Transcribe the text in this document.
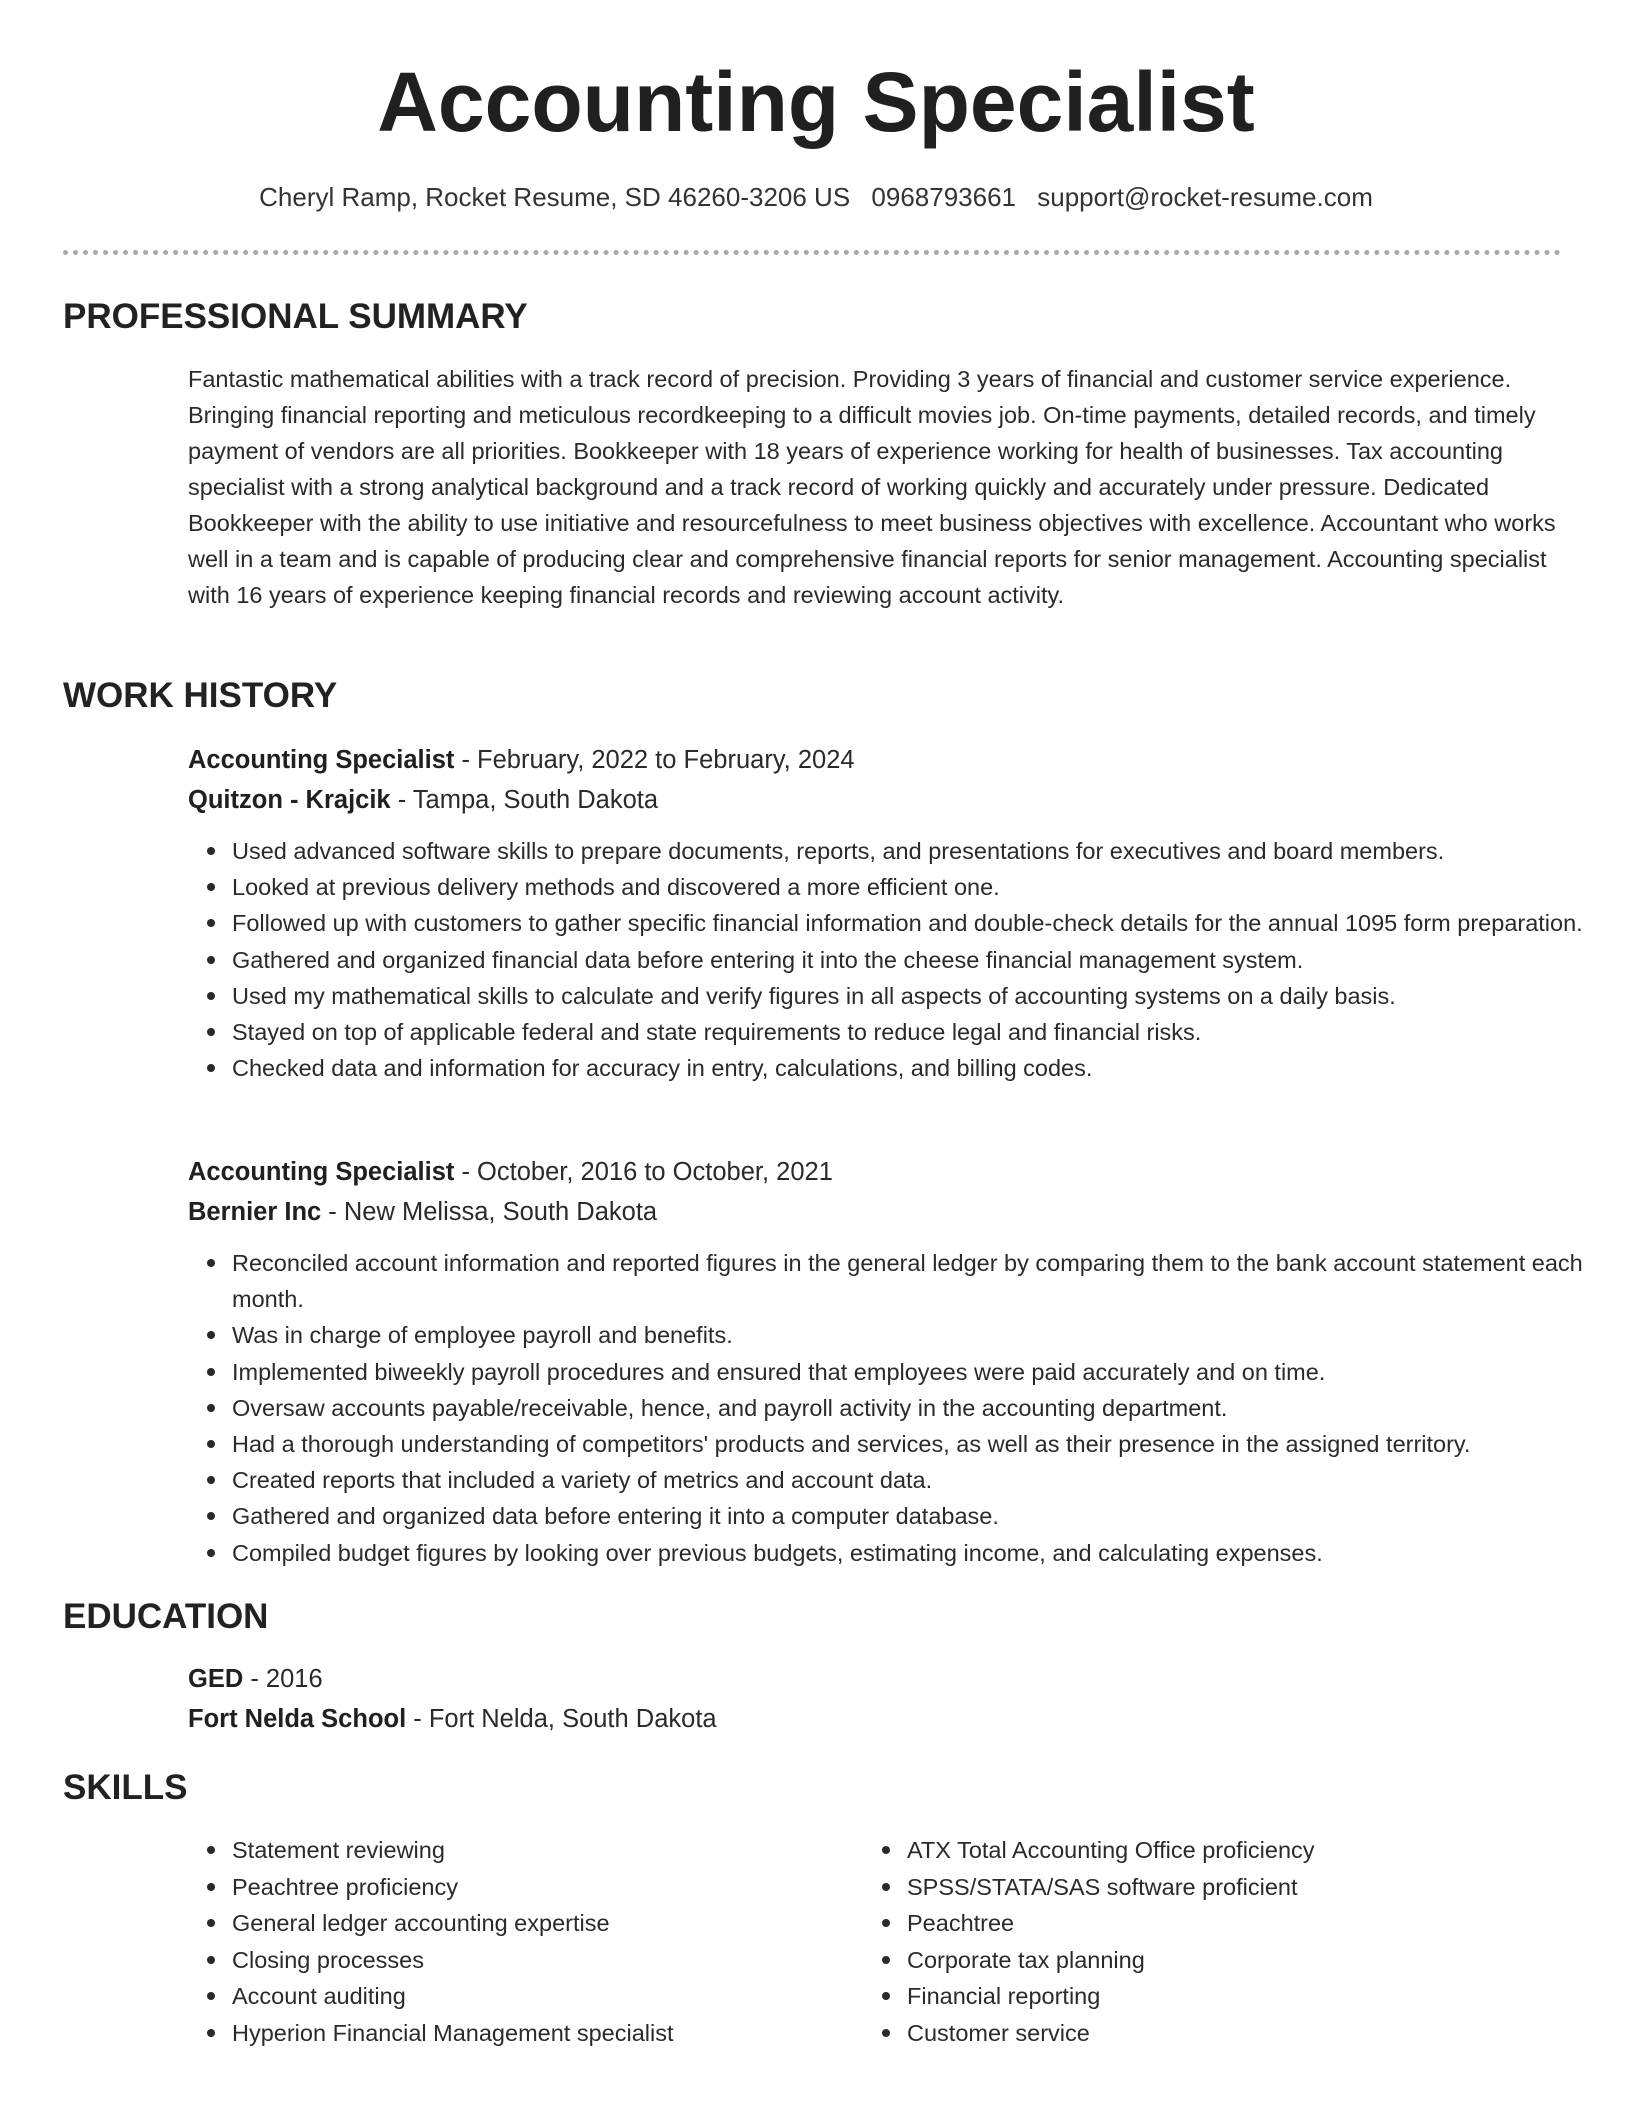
Accounting Specialist
Cheryl Ramp, Rocket Resume, SD 46260-3206 US 0968793661 support@rocket-resume.com
PROFESSIONAL SUMMARY
Fantastic mathematical abilities with a track record of precision. Providing 3 years of financial and customer service experience. Bringing financial reporting and meticulous recordkeeping to a difficult movies job. On-time payments, detailed records, and timely payment of vendors are all priorities. Bookkeeper with 18 years of experience working for health of businesses. Tax accounting specialist with a strong analytical background and a track record of working quickly and accurately under pressure. Dedicated Bookkeeper with the ability to use initiative and resourcefulness to meet business objectives with excellence. Accountant who works well in a team and is capable of producing clear and comprehensive financial reports for senior management. Accounting specialist with 16 years of experience keeping financial records and reviewing account activity.
WORK HISTORY
Accounting Specialist - February, 2022 to February, 2024
Quitzon - Krajcik - Tampa, South Dakota
Used advanced software skills to prepare documents, reports, and presentations for executives and board members.
Looked at previous delivery methods and discovered a more efficient one.
Followed up with customers to gather specific financial information and double-check details for the annual 1095 form preparation.
Gathered and organized financial data before entering it into the cheese financial management system.
Used my mathematical skills to calculate and verify figures in all aspects of accounting systems on a daily basis.
Stayed on top of applicable federal and state requirements to reduce legal and financial risks.
Checked data and information for accuracy in entry, calculations, and billing codes.
Accounting Specialist - October, 2016 to October, 2021
Bernier Inc - New Melissa, South Dakota
Reconciled account information and reported figures in the general ledger by comparing them to the bank account statement each month.
Was in charge of employee payroll and benefits.
Implemented biweekly payroll procedures and ensured that employees were paid accurately and on time.
Oversaw accounts payable/receivable, hence, and payroll activity in the accounting department.
Had a thorough understanding of competitors' products and services, as well as their presence in the assigned territory.
Created reports that included a variety of metrics and account data.
Gathered and organized data before entering it into a computer database.
Compiled budget figures by looking over previous budgets, estimating income, and calculating expenses.
EDUCATION
GED - 2016
Fort Nelda School - Fort Nelda, South Dakota
SKILLS
Statement reviewing
Peachtree proficiency
General ledger accounting expertise
Closing processes
Account auditing
Hyperion Financial Management specialist
ATX Total Accounting Office proficiency
SPSS/STATA/SAS software proficient
Peachtree
Corporate tax planning
Financial reporting
Customer service
